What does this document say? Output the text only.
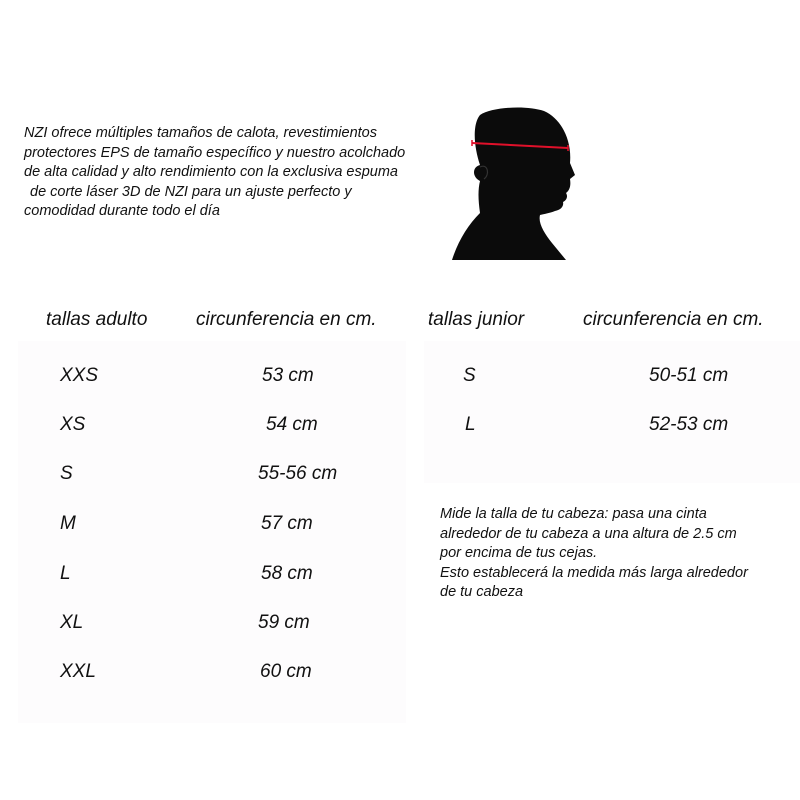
NZI ofrece múltiples tamaños de calota, revestimientos
protectores EPS de tamaño específico y nuestro acolchado
de alta calidad y alto rendimiento con la exclusiva espuma
de corte láser 3D de NZI para un ajuste perfecto y
comodidad durante todo el día
tallas adulto	circunferencia en cm.	tallas junior	circunferencia en cm.
XXS	53 cm
XS	54 cm
S	55-56 cm
M	57 cm
L	58 cm
XL	59 cm
XXL	60 cm
S	50-51 cm
L	52-53 cm
Mide la talla de tu cabeza: pasa una cinta
alrededor de tu cabeza a una altura de 2.5 cm
por encima de tus cejas.
Esto establecerá la medida más larga alrededor
de tu cabeza
